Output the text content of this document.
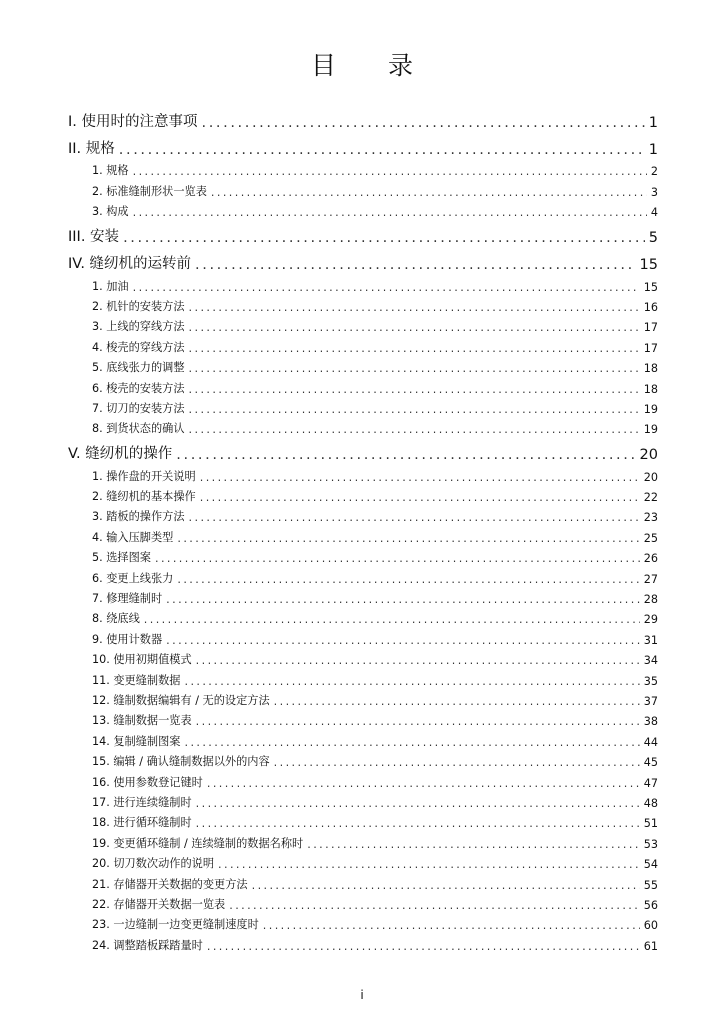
目 录
I. 使用时的注意事项 .....	1
II. 规格 .....	1
1. 规格 .....	2
2. 标准缝制形状一览表 .....	3
3. 构成 .....	4
III. 安装 .....	5
IV. 缝纫机的运转前 .....	15
1. 加油 .....	15
2. 机针的安装方法 .....	16
3. 上线的穿线方法 .....	17
4. 梭壳的穿线方法 .....	17
5. 底线张力的调整 .....	18
6. 梭壳的安装方法 .....	18
7. 切刀的安装方法 .....	19
8. 到货状态的确认 .....	19
V. 缝纫机的操作 .....	20
1. 操作盘的开关说明 .....	20
2. 缝纫机的基本操作 .....	22
3. 踏板的操作方法 .....	23
4. 输入压脚类型 .....	25
5. 选择图案 .....	26
6. 变更上线张力 .....	27
7. 修理缝制时 .....	28
8. 绕底线 .....	29
9. 使用计数器 .....	31
10. 使用初期值模式 .....	34
11. 变更缝制数据 .....	35
12. 缝制数据编辑有 / 无的设定方法 .....	37
13. 缝制数据一览表 .....	38
14. 复制缝制图案 .....	44
15. 编辑 / 确认缝制数据以外的内容 .....	45
16. 使用参数登记键时 .....	47
17. 进行连续缝制时 .....	48
18. 进行循环缝制时 .....	51
19. 变更循环缝制 / 连续缝制的数据名称时 .....	53
20. 切刀数次动作的说明 .....	54
21. 存储器开关数据的变更方法 .....	55
22. 存储器开关数据一览表 .....	56
23. 一边缝制一边变更缝制速度时 .....	60
24. 调整踏板踩踏量时 .....	61
i
